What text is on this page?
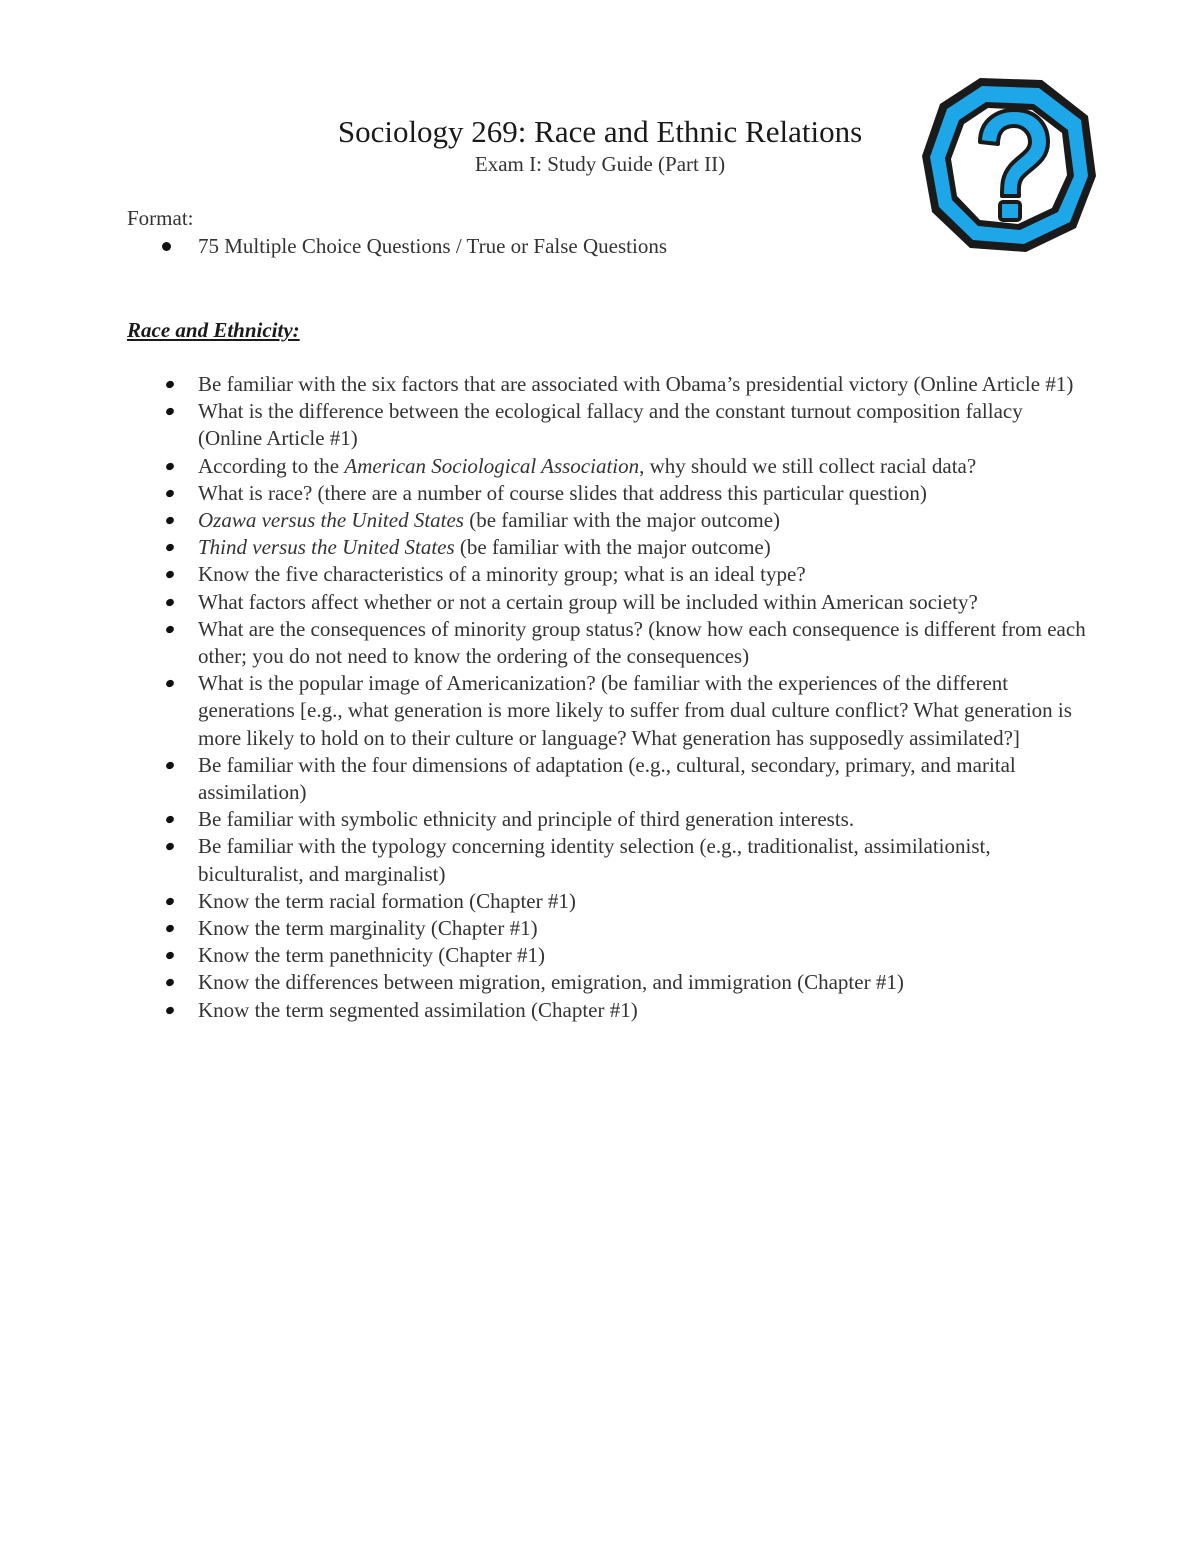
Sociology 269: Race and Ethnic Relations
Exam I: Study Guide (Part II)
Format:
75 Multiple Choice Questions / True or False Questions
Race and Ethnicity:
Be familiar with the six factors that are associated with Obama’s presidential victory (Online Article #1)
What is the difference between the ecological fallacy and the constant turnout composition fallacy (Online Article #1)
According to the American Sociological Association, why should we still collect racial data?
What is race? (there are a number of course slides that address this particular question)
Ozawa versus the United States (be familiar with the major outcome)
Thind versus the United States (be familiar with the major outcome)
Know the five characteristics of a minority group; what is an ideal type?
What factors affect whether or not a certain group will be included within American society?
What are the consequences of minority group status? (know how each consequence is different from each other; you do not need to know the ordering of the consequences)
What is the popular image of Americanization? (be familiar with the experiences of the different generations [e.g., what generation is more likely to suffer from dual culture conflict? What generation is more likely to hold on to their culture or language? What generation has supposedly assimilated?]
Be familiar with the four dimensions of adaptation (e.g., cultural, secondary, primary, and marital assimilation)
Be familiar with symbolic ethnicity and principle of third generation interests.
Be familiar with the typology concerning identity selection (e.g., traditionalist, assimilationist, biculturalist, and marginalist)
Know the term racial formation (Chapter #1)
Know the term marginality (Chapter #1)
Know the term panethnicity (Chapter #1)
Know the differences between migration, emigration, and immigration (Chapter #1)
Know the term segmented assimilation (Chapter #1)
